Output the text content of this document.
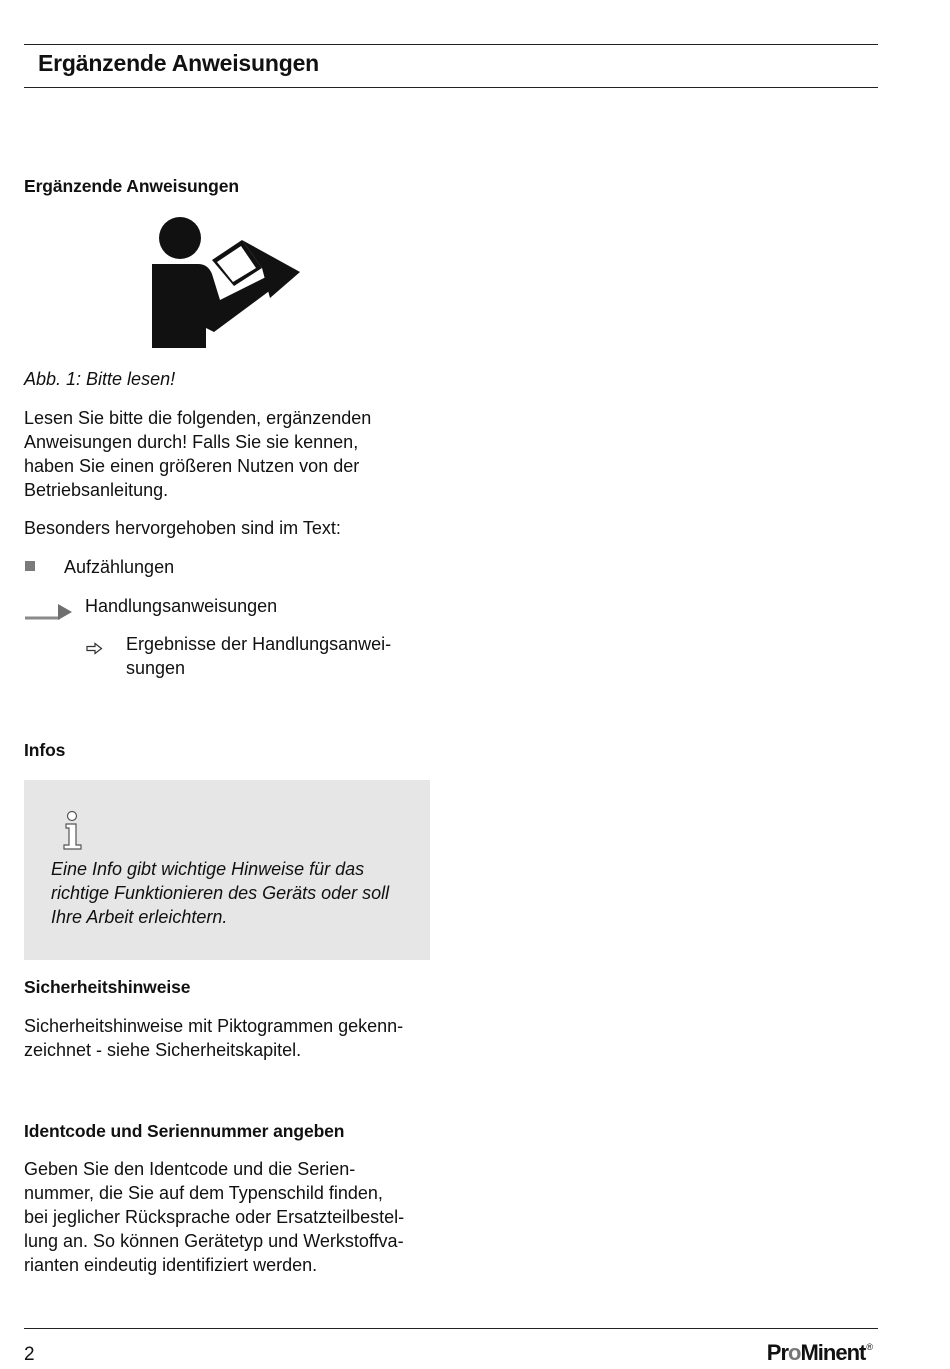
Ergänzende Anweisungen
Ergänzende Anweisungen

Abb. 1: Bitte lesen!

Lesen Sie bitte die folgenden, ergänzenden
Anweisungen durch! Falls Sie sie kennen,
haben Sie einen größeren Nutzen von der
Betriebsanleitung.

Besonders hervorgehoben sind im Text:

Aufzählungen

Handlungsanweisungen

Ergebnisse der Handlungsanwei-
sungen

Infos

Eine Info gibt wichtige Hinweise für das
richtige Funktionieren des Geräts oder soll
Ihre Arbeit erleichtern.

Sicherheitshinweise

Sicherheitshinweise mit Piktogrammen gekenn-
zeichnet - siehe Sicherheitskapitel.

Identcode und Seriennummer angeben

Geben Sie den Identcode und die Serien-
nummer, die Sie auf dem Typenschild finden,
bei jeglicher Rücksprache oder Ersatzteilbestel-
lung an. So können Gerätetyp und Werkstoffva-
rianten eindeutig identifiziert werden.

2	ProMinent®
